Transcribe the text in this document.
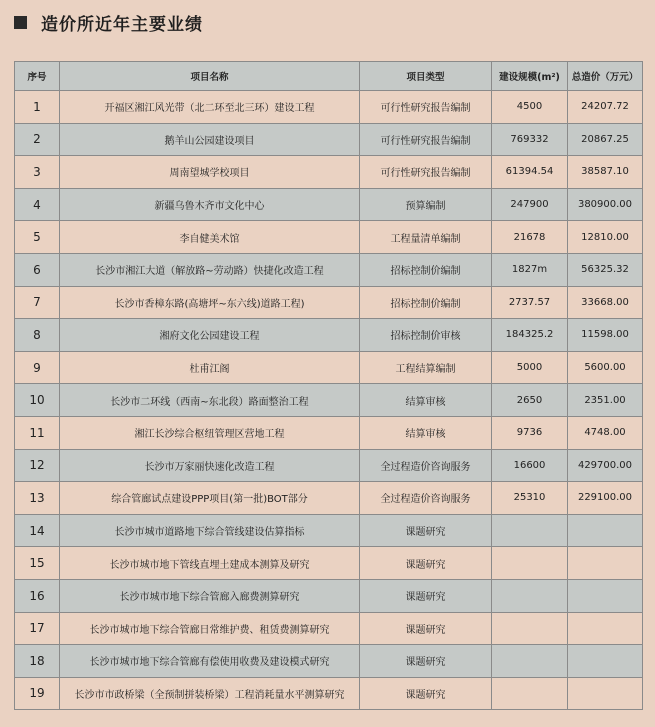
造价所近年主要业绩
序号	项目名称	项目类型	建设规模(m²)	总造价（万元）
1	开福区湘江风光带（北二环至北三环）建设工程	可行性研究报告编制	4500	24207.72
2	鹅羊山公园建设项目	可行性研究报告编制	769332	20867.25
3	周南望城学校项目	可行性研究报告编制	61394.54	38587.10
4	新疆乌鲁木齐市文化中心	预算编制	247900	380900.00
5	李自健美术馆	工程量清单编制	21678	12810.00
6	长沙市湘江大道（解放路~劳动路）快捷化改造工程	招标控制价编制	1827m	56325.32
7	长沙市香樟东路(高塘坪~东六线)道路工程)	招标控制价编制	2737.57	33668.00
8	湘府文化公园建设工程	招标控制价审核	184325.2	11598.00
9	杜甫江阁	工程结算编制	5000	5600.00
10	长沙市二环线（西南~东北段）路面整治工程	结算审核	2650	2351.00
11	湘江长沙综合枢纽管理区营地工程	结算审核	9736	4748.00
12	长沙市万家丽快速化改造工程	全过程造价咨询服务	16600	429700.00
13	综合管廊试点建设PPP项目(第一批)BOT部分	全过程造价咨询服务	25310	229100.00
14	长沙市城市道路地下综合管线建设估算指标	课题研究		
15	长沙市城市地下管线直埋土建成本测算及研究	课题研究		
16	长沙市城市地下综合管廊入廊费测算研究	课题研究		
17	长沙市城市地下综合管廊日常维护费、租赁费测算研究	课题研究		
18	长沙市城市地下综合管廊有偿使用收费及建设模式研究	课题研究		
19	长沙市市政桥梁（全预制拼装桥梁）工程消耗量水平测算研究	课题研究		
